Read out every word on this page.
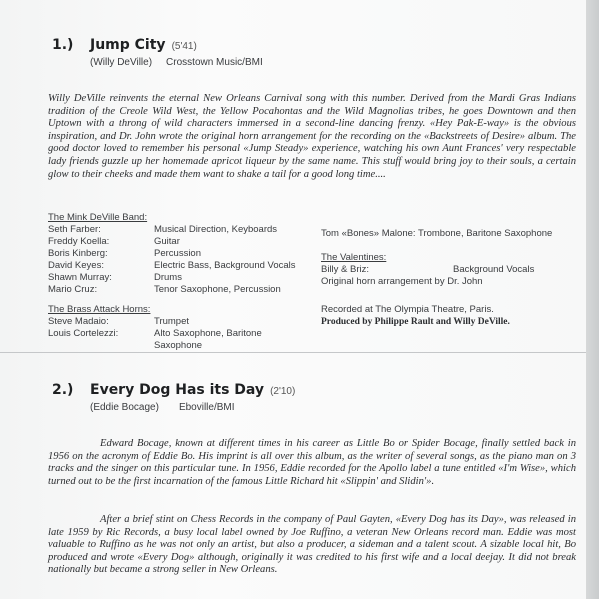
1.)	Jump City (5'41)
(Willy DeVille) Crosstown Music/BMI

Willy DeVille reinvents the eternal New Orleans Carnival song with this number. Derived from the Mardi Gras Indians tradition of the Creole Wild West, the Yellow Pocahontas and the Wild Magnolias tribes, he goes Downtown and then Uptown with a throng of wild characters immersed in a second-line dancing frenzy. «Hey Pak-E-way» is the obvious inspiration, and Dr. John wrote the original horn arrangement for the recording on the «Backstreets of Desire» album. The good doctor loved to remember his personal «Jump Steady» experience, watching his own Aunt Frances' very respectable lady friends guzzle up her homemade apricot liqueur by the same name. This stuff would bring joy to their souls, a certain glow to their cheeks and made them want to shake a tail for a good long time....

The Mink DeVille Band:
Seth Farber:	Musical Direction, Keyboards
Freddy Koella:	Guitar
Boris Kinberg:	Percussion
David Keyes:	Electric Bass, Background Vocals
Shawn Murray:	Drums
Mario Cruz:	Tenor Saxophone, Percussion
The Brass Attack Horns:
Steve Madaio:	Trumpet
Louis Cortelezzi:	Alto Saxophone, Baritone
Saxophone
Tom «Bones» Malone: Trombone, Baritone Saxophone
The Valentines:
Billy & Briz:	Background Vocals
Original horn arrangement by Dr. John
Recorded at The Olympia Theatre, Paris.
Produced by Philippe Rault and Willy DeVille.
2.)	Every Dog Has its Day (2'10)
(Eddie Bocage) Eboville/BMI

Edward Bocage, known at different times in his career as Little Bo or Spider Bocage, finally settled back in 1956 on the acronym of Eddie Bo. His imprint is all over this album, as the writer of several songs, as the piano man on 3 tracks and the singer on this particular tune. In 1956, Eddie recorded for the Apollo label a tune entitled «I'm Wise», which turned out to be the first incarnation of the famous Little Richard hit «Slippin' and Slidin'».

After a brief stint on Chess Records in the company of Paul Gayten, «Every Dog has its Day», was released in late 1959 by Ric Records, a busy local label owned by Joe Ruffino, a veteran New Orleans record man. Eddie was most valuable to Ruffino as he was not only an artist, but also a producer, a sideman and a talent scout. A sizable local hit, Bo produced and wrote «Every Dog» although, originally it was credited to his first wife and a local deejay. It did not break nationally but became a strong seller in New Orleans.
